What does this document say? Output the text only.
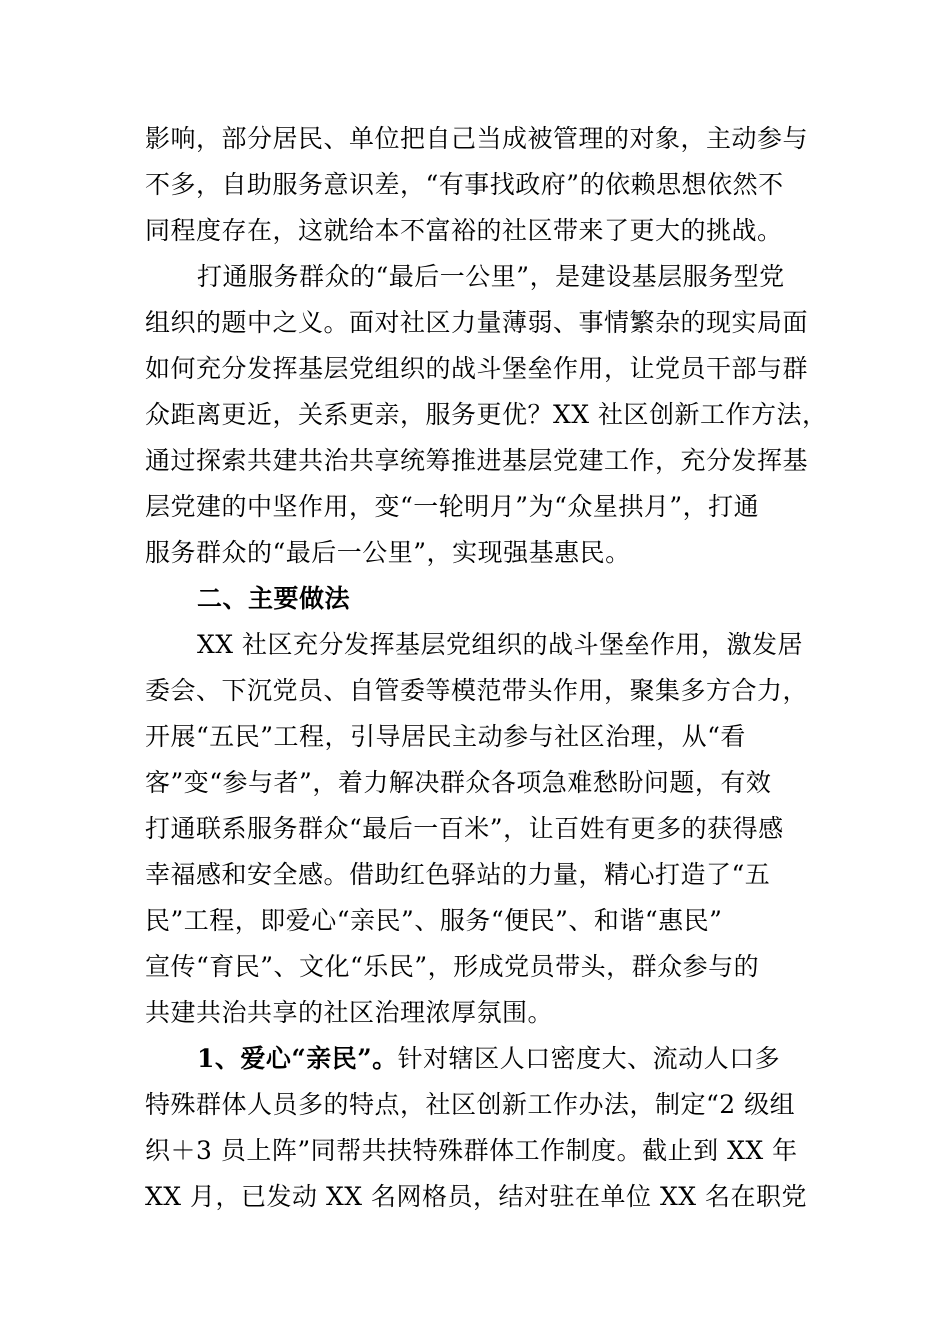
影响，部分居民、单位把自己当成被管理的对象，主动参与
不多，自助服务意识差，“有事找政府”的依赖思想依然不
同程度存在，这就给本不富裕的社区带来了更大的挑战。
打通服务群众的“最后一公里”，是建设基层服务型党
组织的题中之义。面对社区力量薄弱、事情繁杂的现实局面
如何充分发挥基层党组织的战斗堡垒作用，让党员干部与群
众距离更近，关系更亲，服务更优？XX 社区创新工作方法，
通过探索共建共治共享统筹推进基层党建工作，充分发挥基
层党建的中坚作用，变“一轮明月”为“众星拱月”，打通
服务群众的“最后一公里”，实现强基惠民。
二、主要做法
XX 社区充分发挥基层党组织的战斗堡垒作用，激发居
委会、下沉党员、自管委等模范带头作用，聚集多方合力，
开展“五民”工程，引导居民主动参与社区治理，从“看
客”变“参与者”，着力解决群众各项急难愁盼问题，有效
打通联系服务群众“最后一百米”，让百姓有更多的获得感
幸福感和安全感。借助红色驿站的力量，精心打造了“五
民”工程，即爱心“亲民”、服务“便民”、和谐“惠民”
宣传“育民”、文化“乐民”，形成党员带头，群众参与的
共建共治共享的社区治理浓厚氛围。
1、爱心“亲民”。针对辖区人口密度大、流动人口多
特殊群体人员多的特点，社区创新工作办法，制定“2 级组
织＋3 员上阵”同帮共扶特殊群体工作制度。截止到 XX 年
XX 月，已发动 XX 名网格员，结对驻在单位 XX 名在职党
